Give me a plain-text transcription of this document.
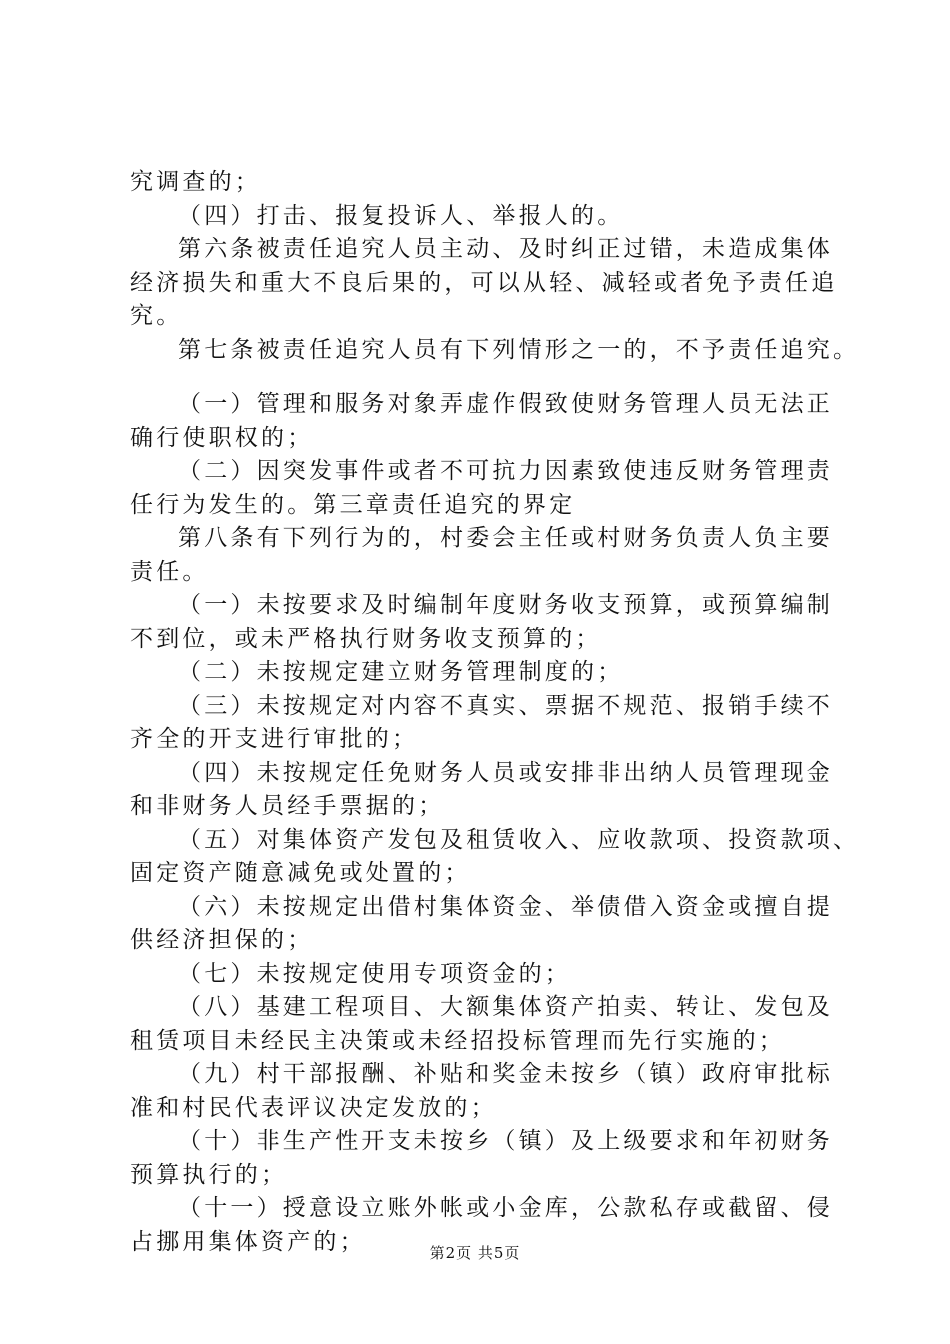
究调查的；
（四）打击、报复投诉人、举报人的。
第六条被责任追究人员主动、及时纠正过错，未造成集体
经济损失和重大不良后果的，可以从轻、减轻或者免予责任追
究。
第七条被责任追究人员有下列情形之一的，不予责任追究。
（一）管理和服务对象弄虚作假致使财务管理人员无法正
确行使职权的；
（二）因突发事件或者不可抗力因素致使违反财务管理责
任行为发生的。第三章责任追究的界定
第八条有下列行为的，村委会主任或村财务负责人负主要
责任。
（一）未按要求及时编制年度财务收支预算，或预算编制
不到位，或未严格执行财务收支预算的；
（二）未按规定建立财务管理制度的；
（三）未按规定对内容不真实、票据不规范、报销手续不
齐全的开支进行审批的；
（四）未按规定任免财务人员或安排非出纳人员管理现金
和非财务人员经手票据的；
（五）对集体资产发包及租赁收入、应收款项、投资款项、
固定资产随意减免或处置的；
（六）未按规定出借村集体资金、举债借入资金或擅自提
供经济担保的；
（七）未按规定使用专项资金的；
（八）基建工程项目、大额集体资产拍卖、转让、发包及
租赁项目未经民主决策或未经招投标管理而先行实施的；
（九）村干部报酬、补贴和奖金未按乡（镇）政府审批标
准和村民代表评议决定发放的；
（十）非生产性开支未按乡（镇）及上级要求和年初财务
预算执行的；
（十一）授意设立账外帐或小金库，公款私存或截留、侵
占挪用集体资产的；	第2页 共5页
